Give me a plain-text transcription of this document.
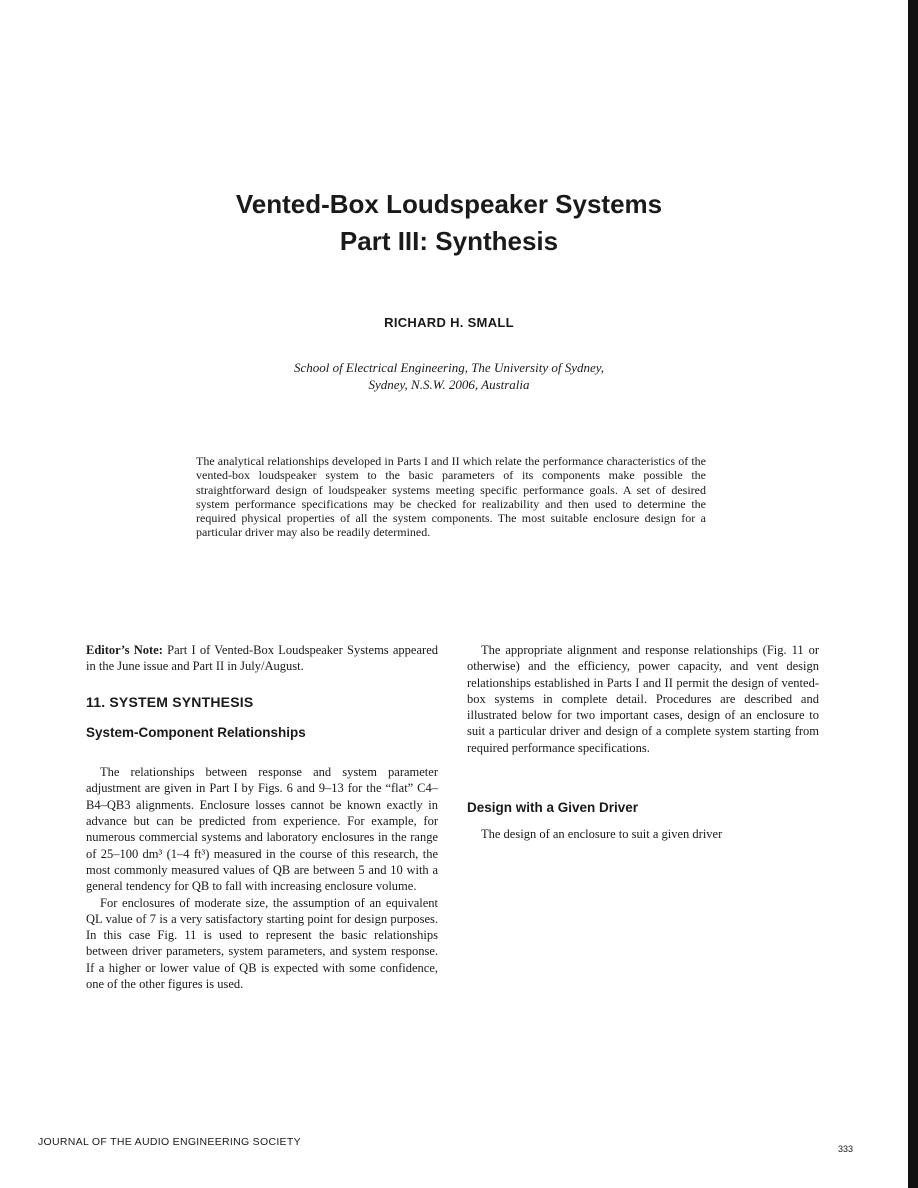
Vented-Box Loudspeaker Systems
Part III: Synthesis
RICHARD H. SMALL
School of Electrical Engineering, The University of Sydney,
Sydney, N.S.W. 2006, Australia
The analytical relationships developed in Parts I and II which relate the performance characteristics of the vented-box loudspeaker system to the basic parameters of its components make possible the straightforward design of loudspeaker systems meeting specific performance goals. A set of desired system performance specifications may be checked for realizability and then used to determine the required physical properties of all the system components. The most suitable enclosure design for a particular driver may also be readily determined.

Editor’s Note: Part I of Vented-Box Loudspeaker Systems appeared in the June issue and Part II in July/August.

11. SYSTEM SYNTHESIS
System-Component Relationships

The relationships between response and system parameter adjustment are given in Part I by Figs. 6 and 9–13 for the “flat” C4–B4–QB3 alignments. Enclosure losses cannot be known exactly in advance but can be predicted from experience. For example, for numerous commercial systems and laboratory enclosures in the range of 25–100 dm³ (1–4 ft³) measured in the course of this research, the most commonly measured values of QB are between 5 and 10 with a general tendency for QB to fall with increasing enclosure volume.

For enclosures of moderate size, the assumption of an equivalent QL value of 7 is a very satisfactory starting point for design purposes. In this case Fig. 11 is used to represent the basic relationships between driver parameters, system parameters, and system response. If a higher or lower value of QB is expected with some confidence, one of the other figures is used.

The appropriate alignment and response relationships (Fig. 11 or otherwise) and the efficiency, power capacity, and vent design relationships established in Parts I and II permit the design of vented-box systems in complete detail. Procedures are described and illustrated below for two important cases, design of an enclosure to suit a particular driver and design of a complete system starting from required performance specifications.

Design with a Given Driver

The design of an enclosure to suit a given driver

JOURNAL OF THE AUDIO ENGINEERING SOCIETY
333
